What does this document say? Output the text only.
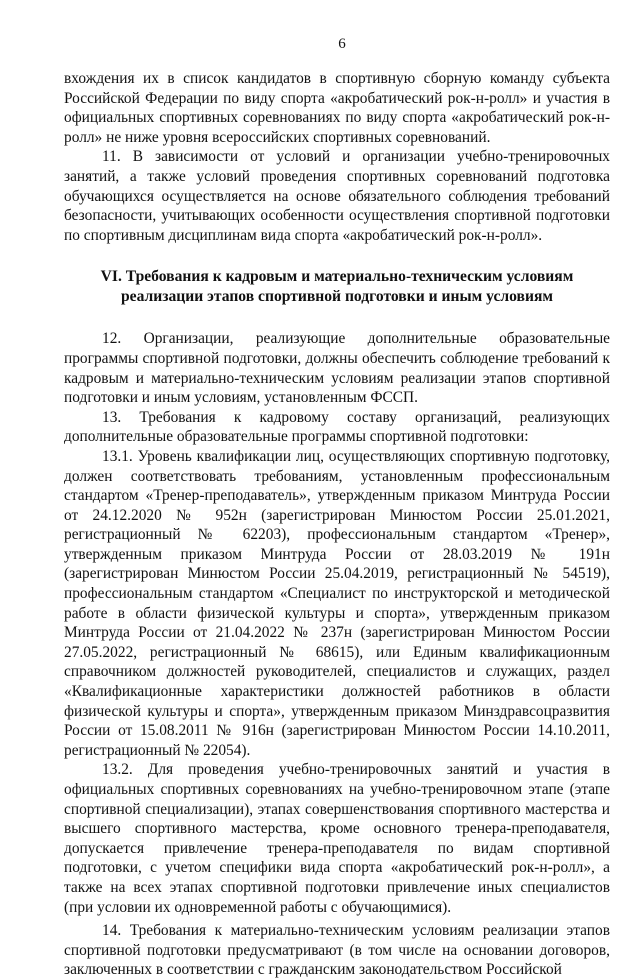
6

вхождения их в список кандидатов в спортивную сборную команду субъекта Российской Федерации по виду спорта «акробатический рок-н-ролл» и участия в официальных спортивных соревнованиях по виду спорта «акробатический рок-н-ролл» не ниже уровня всероссийских спортивных соревнований.

11. В зависимости от условий и организации учебно-тренировочных занятий, а также условий проведения спортивных соревнований подготовка обучающихся осуществляется на основе обязательного соблюдения требований безопасности, учитывающих особенности осуществления спортивной подготовки по спортивным дисциплинам вида спорта «акробатический рок-н-ролл».

VI. Требования к кадровым и материально-техническим условиям
реализации этапов спортивной подготовки и иным условиям

12. Организации, реализующие дополнительные образовательные программы спортивной подготовки, должны обеспечить соблюдение требований к кадровым и материально-техническим условиям реализации этапов спортивной подготовки и иным условиям, установленным ФССП.

13. Требования к кадровому составу организаций, реализующих дополнительные образовательные программы спортивной подготовки:

13.1. Уровень квалификации лиц, осуществляющих спортивную подготовку, должен соответствовать требованиям, установленным профессиональным стандартом «Тренер-преподаватель», утвержденным приказом Минтруда России от 24.12.2020 № 952н (зарегистрирован Минюстом России 25.01.2021, регистрационный № 62203), профессиональным стандартом «Тренер», утвержденным приказом Минтруда России от 28.03.2019 № 191н (зарегистрирован Минюстом России 25.04.2019, регистрационный № 54519), профессиональным стандартом «Специалист по инструкторской и методической работе в области физической культуры и спорта», утвержденным приказом Минтруда России от 21.04.2022 № 237н (зарегистрирован Минюстом России 27.05.2022, регистрационный № 68615), или Единым квалификационным справочником должностей руководителей, специалистов и служащих, раздел «Квалификационные характеристики должностей работников в области физической культуры и спорта», утвержденным приказом Минздравсоцразвития России от 15.08.2011 № 916н (зарегистрирован Минюстом России 14.10.2011, регистрационный № 22054).

13.2. Для проведения учебно-тренировочных занятий и участия в официальных спортивных соревнованиях на учебно-тренировочном этапе (этапе спортивной специализации), этапах совершенствования спортивного мастерства и высшего спортивного мастерства, кроме основного тренера-преподавателя, допускается привлечение тренера-преподавателя по видам спортивной подготовки, с учетом специфики вида спорта «акробатический рок-н-ролл», а также на всех этапах спортивной подготовки привлечение иных специалистов (при условии их одновременной работы с обучающимися).

14. Требования к материально-техническим условиям реализации этапов спортивной подготовки предусматривают (в том числе на основании договоров, заключенных в соответствии с гражданским законодательством Российской
